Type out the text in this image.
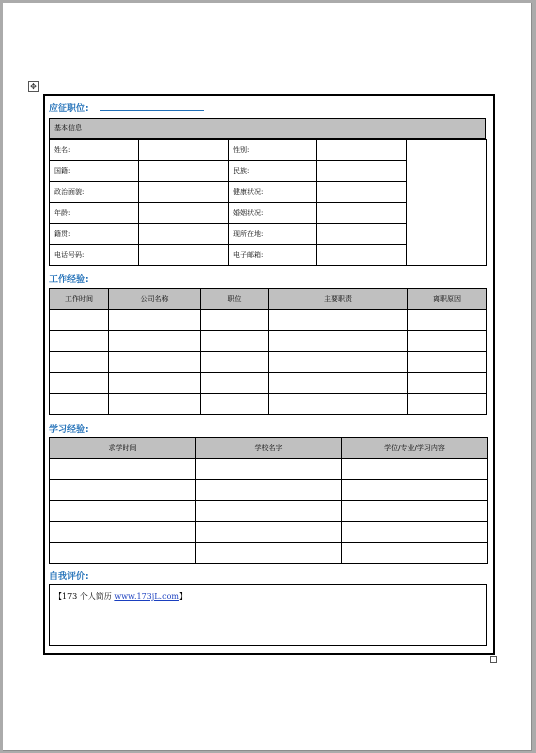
✥
应征职位:
基本信息
姓名:		性别:		
国籍:		民族:		
政治面貌:		健康状况:		
年龄:		婚姻状况:		
籍贯:		现所在地:		
电话号码:		电子邮箱:		
工作经验:
工作时间	公司名称	职位	主要职责	离职原因

学习经验:
求学时间	学校名字	学位/专业/学习内容

自我评价:
【173 个人简历 www.173jL.com】
